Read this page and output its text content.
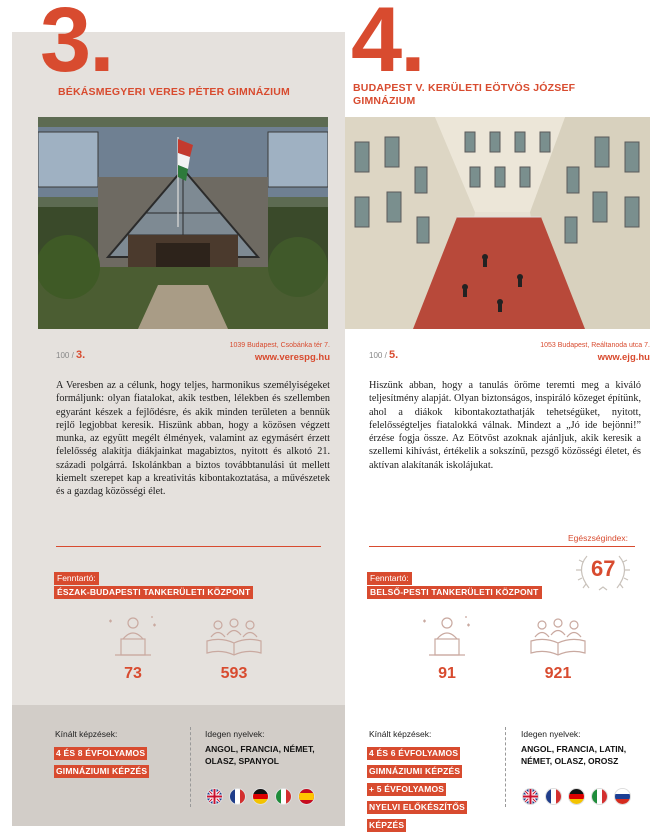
3.
BÉKÁSMEGYERI VERES PÉTER GIMNÁZIUM
100 / 3.
1039 Budapest, Csobánka tér 7.
www.verespg.hu
A Veresben az a célunk, hogy teljes, harmonikus személyiségeket formáljunk: olyan fiatalokat, akik testben, lélekben és szellemben egyaránt készek a fejlődésre, és akik minden területen a bennük rejlő legjobbat keresik. Hiszünk abban, hogy a közösen végzett munka, az együtt megélt élmények, valamint az egymásért érzett felelősség alakítja diákjainkat magabiztos, nyitott és alkotó 21. századi polgárrá. Iskolánkban a biztos továbbtanulási út mellett kiemelt szerepet kap a kreativitás kibontakoztatása, a művészetek és a gazdag közösségi élet.
Fenntartó:
ÉSZAK-BUDAPESTI TANKERÜLETI KÖZPONT
73	593
Kínált képzések:
4 ÉS 8 ÉVFOLYAMOS
GIMNÁZIUMI KÉPZÉS
Idegen nyelvek:
ANGOL, FRANCIA, NÉMET,
OLASZ, SPANYOL
4.
BUDAPEST V. KERÜLETI EÖTVÖS JÓZSEF
GIMNÁZIUM
100 / 5.
1053 Budapest, Reáltanoda utca 7.
www.ejg.hu
Hiszünk abban, hogy a tanulás öröme teremti meg a kiváló teljesítmény alapját. Olyan biztonságos, inspiráló közeget építünk, ahol a diákok kibontakoztathatják tehetségüket, nyitott, felelősségteljes fiatalokká válnak. Mindezt a „Jó ide bejönni!” érzése fogja össze. Az Eötvöst azoknak ajánljuk, akik keresik a szellemi kihívást, értékelik a sokszínű, pezsgő közösségi életet, és aktívan alakítanák iskolájukat.
Egészségindex:
67
Fenntartó:
BELSŐ-PESTI TANKERÜLETI KÖZPONT
91	921
Kínált képzések:
4 ÉS 6 ÉVFOLYAMOS
GIMNÁZIUMI KÉPZÉS
+ 5 ÉVFOLYAMOS
NYELVI ELŐKÉSZÍTŐS
KÉPZÉS
Idegen nyelvek:
ANGOL, FRANCIA, LATIN,
NÉMET, OLASZ, OROSZ
